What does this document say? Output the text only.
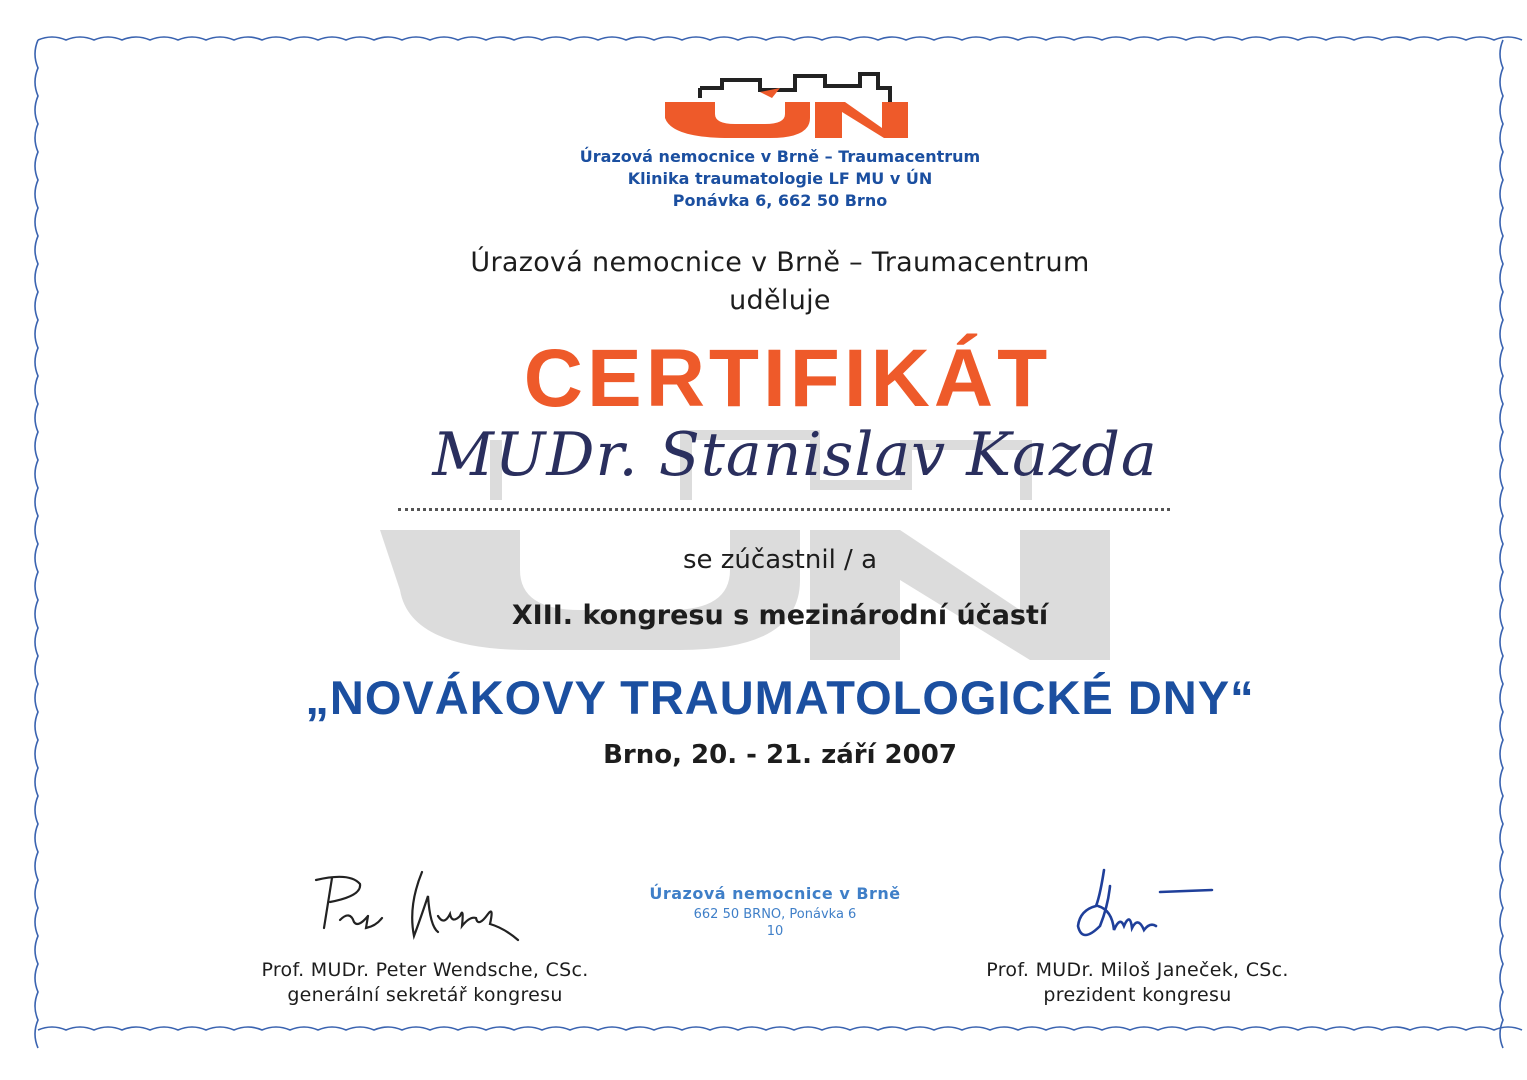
Úrazová nemocnice v Brně – Traumacentrum
Klinika traumatologie LF MU v ÚN
Ponávka 6, 662 50 Brno
Úrazová nemocnice v Brně – Traumacentrum
uděluje
CERTIFIKÁT
MUDr. Stanislav Kazda
se zúčastnil / a
XIII. kongresu s mezinárodní účastí
„NOVÁKOVY TRAUMATOLOGICKÉ DNY“
Brno, 20. - 21. září 2007
Úrazová nemocnice v Brně
662 50 BRNO, Ponávka 6
10
Prof. MUDr. Peter Wendsche, CSc.
generální sekretář kongresu
Prof. MUDr. Miloš Janeček, CSc.
prezident kongresu
